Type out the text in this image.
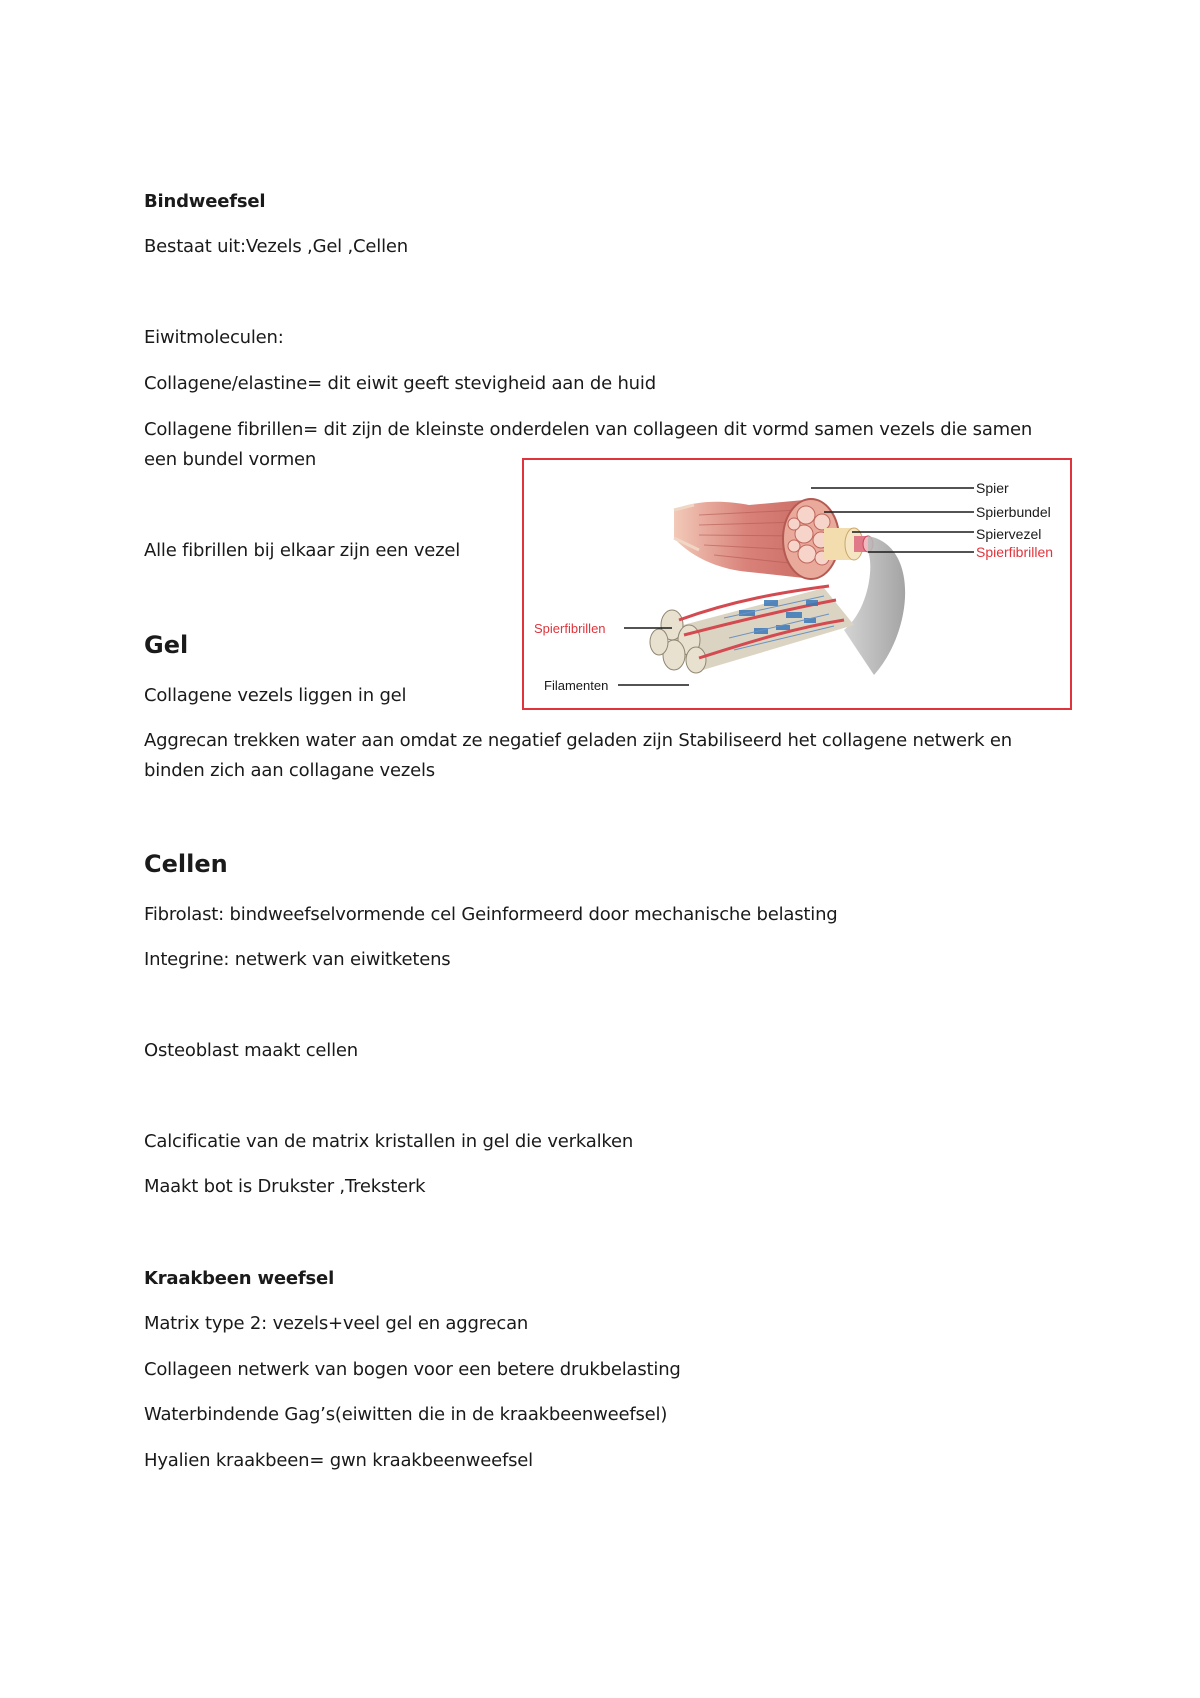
Bindweefsel
Bestaat uit:Vezels ,Gel ,Cellen
Eiwitmoleculen:
Collagene/elastine= dit eiwit geeft stevigheid aan de huid
Collagene fibrillen= dit zijn de kleinste onderdelen van collageen dit vormd samen vezels die samen
een bundel vormen
Alle fibrillen bij elkaar zijn een vezel
Gel
Collagene vezels liggen in gel
Aggrecan trekken water aan omdat ze negatief geladen zijn Stabiliseerd het collagene netwerk en
binden zich aan collagane vezels
Cellen
Fibrolast: bindweefselvormende cel Geinformeerd door mechanische belasting
Integrine: netwerk van eiwitketens
Osteoblast maakt cellen
Calcificatie van de matrix kristallen in gel die verkalken
Maakt bot is Drukster ,Treksterk
Kraakbeen weefsel
Matrix type 2: vezels+veel gel en aggrecan
Collageen netwerk van bogen voor een betere drukbelasting
Waterbindende Gag’s(eiwitten die in de kraakbeenweefsel)
Hyalien kraakbeen= gwn kraakbeenweefsel
Spier
Spierbundel
Spiervezel
Spierfibrillen
Spierfibrillen
Filamenten
